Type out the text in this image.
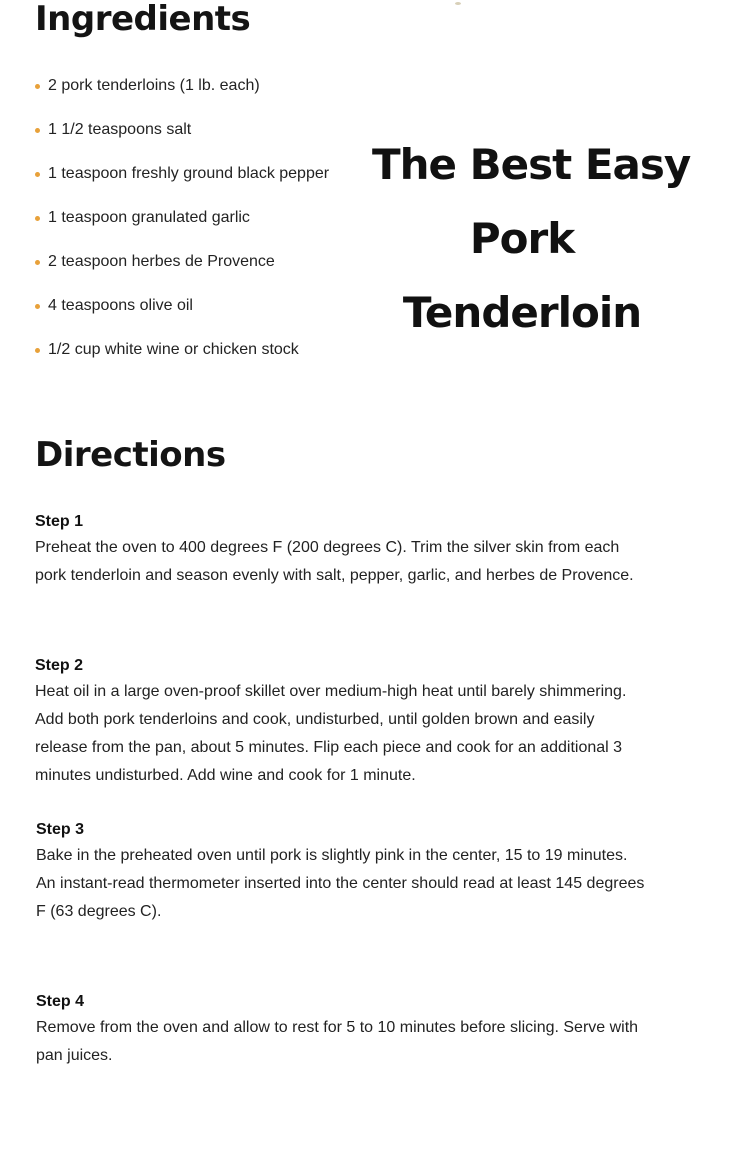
Ingredients
2 pork tenderloins (1 lb. each)
1 1/2 teaspoons salt
1 teaspoon freshly ground black pepper
1 teaspoon granulated garlic
2 teaspoon herbes de Provence
4 teaspoons olive oil
1/2 cup white wine or chicken stock
The Best Easy
Pork
Tenderloin
Directions
Step 1
Preheat the oven to 400 degrees F (200 degrees C). Trim the silver skin from each pork tenderloin and season evenly with salt, pepper, garlic, and herbes de Provence.
Step 2
Heat oil in a large oven-proof skillet over medium-high heat until barely shimmering. Add both pork tenderloins and cook, undisturbed, until golden brown and easily release from the pan, about 5 minutes. Flip each piece and cook for an additional 3 minutes undisturbed. Add wine and cook for 1 minute.
Step 3
Bake in the preheated oven until pork is slightly pink in the center, 15 to 19 minutes. An instant-read thermometer inserted into the center should read at least 145 degrees F (63 degrees C).
Step 4
Remove from the oven and allow to rest for 5 to 10 minutes before slicing. Serve with pan juices.
